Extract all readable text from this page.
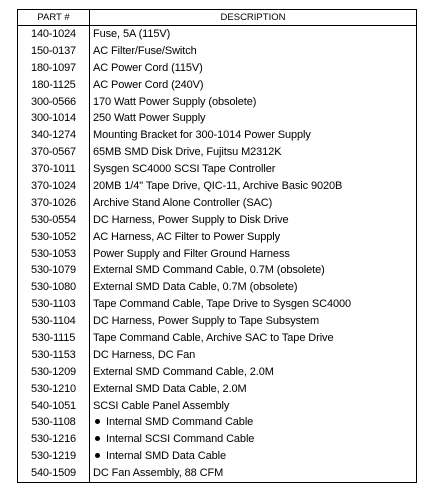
PART #	DESCRIPTION
140-1024	Fuse, 5A (115V)
150-0137	AC Filter/Fuse/Switch
180-1097	AC Power Cord (115V)
180-1125	AC Power Cord (240V)
300-0566	170 Watt Power Supply (obsolete)
300-1014	250 Watt Power Supply
340-1274	Mounting Bracket for 300-1014 Power Supply
370-0567	65MB SMD Disk Drive, Fujitsu M2312K
370-1011	Sysgen SC4000 SCSI Tape Controller
370-1024	20MB 1/4" Tape Drive, QIC-11, Archive Basic 9020B
370-1026	Archive Stand Alone Controller (SAC)
530-0554	DC Harness, Power Supply to Disk Drive
530-1052	AC Harness, AC Filter to Power Supply
530-1053	Power Supply and Filter Ground Harness
530-1079	External SMD Command Cable, 0.7M (obsolete)
530-1080	External SMD Data Cable, 0.7M (obsolete)
530-1103	Tape Command Cable, Tape Drive to Sysgen SC4000
530-1104	DC Harness, Power Supply to Tape Subsystem
530-1115	Tape Command Cable, Archive SAC to Tape Drive
530-1153	DC Harness, DC Fan
530-1209	External SMD Command Cable, 2.0M
530-1210	External SMD Data Cable, 2.0M
540-1051	SCSI Cable Panel Assembly
530-1108	Internal SMD Command Cable
530-1216	Internal SCSI Command Cable
530-1219	Internal SMD Data Cable
540-1509	DC Fan Assembly, 88 CFM
